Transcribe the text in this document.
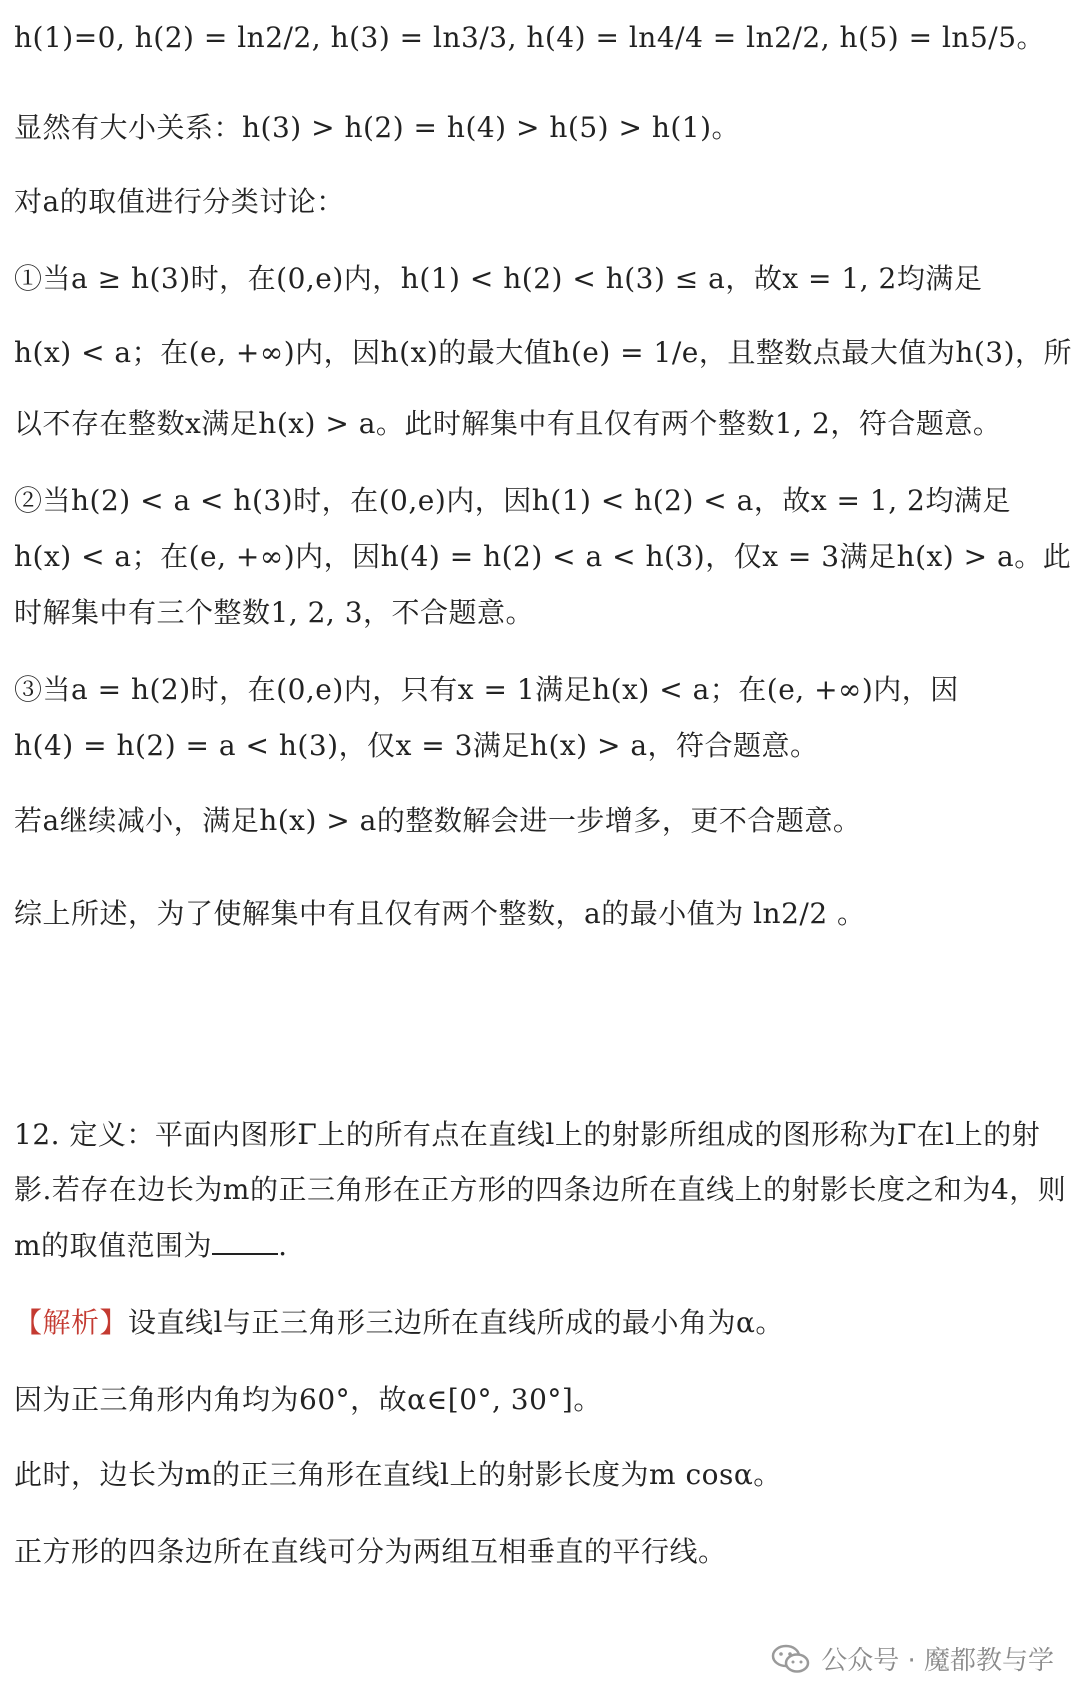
h(1)=0, h(2) = ln2/2, h(3) = ln3/3, h(4) = ln4/4 = ln2/2, h(5) = ln5/5。
显然有大小关系：h(3) > h(2) = h(4) > h(5) > h(1)。
对a的取值进行分类讨论：
①当a ≥ h(3)时，在(0,e)内，h(1) < h(2) < h(3) ≤ a，故x = 1, 2均满足
h(x) < a；在(e, +∞)内，因h(x)的最大值h(e) = 1/e，且整数点最大值为h(3)，所
以不存在整数x满足h(x) > a。此时解集中有且仅有两个整数1, 2，符合题意。
②当h(2) < a < h(3)时，在(0,e)内，因h(1) < h(2) < a，故x = 1, 2均满足
h(x) < a；在(e, +∞)内，因h(4) = h(2) < a < h(3)，仅x = 3满足h(x) > a。此
时解集中有三个整数1, 2, 3，不合题意。
③当a = h(2)时，在(0,e)内，只有x = 1满足h(x) < a；在(e, +∞)内，因
h(4) = h(2) = a < h(3)，仅x = 3满足h(x) > a，符合题意。
若a继续减小，满足h(x) > a的整数解会进一步增多，更不合题意。
综上所述，为了使解集中有且仅有两个整数，a的最小值为 ln2/2 。
12. 定义：平面内图形Γ上的所有点在直线l上的射影所组成的图形称为Γ在l上的射
影.若存在边长为m的正三角形在正方形的四条边所在直线上的射影长度之和为4，则
m的取值范围为 .
【解析】设直线l与正三角形三边所在直线所成的最小角为α。
因为正三角形内角均为60°，故α∈[0°, 30°]。
此时，边长为m的正三角形在直线l上的射影长度为m cosα。
正方形的四条边所在直线可分为两组互相垂直的平行线。
公众号 · 魔都教与学
